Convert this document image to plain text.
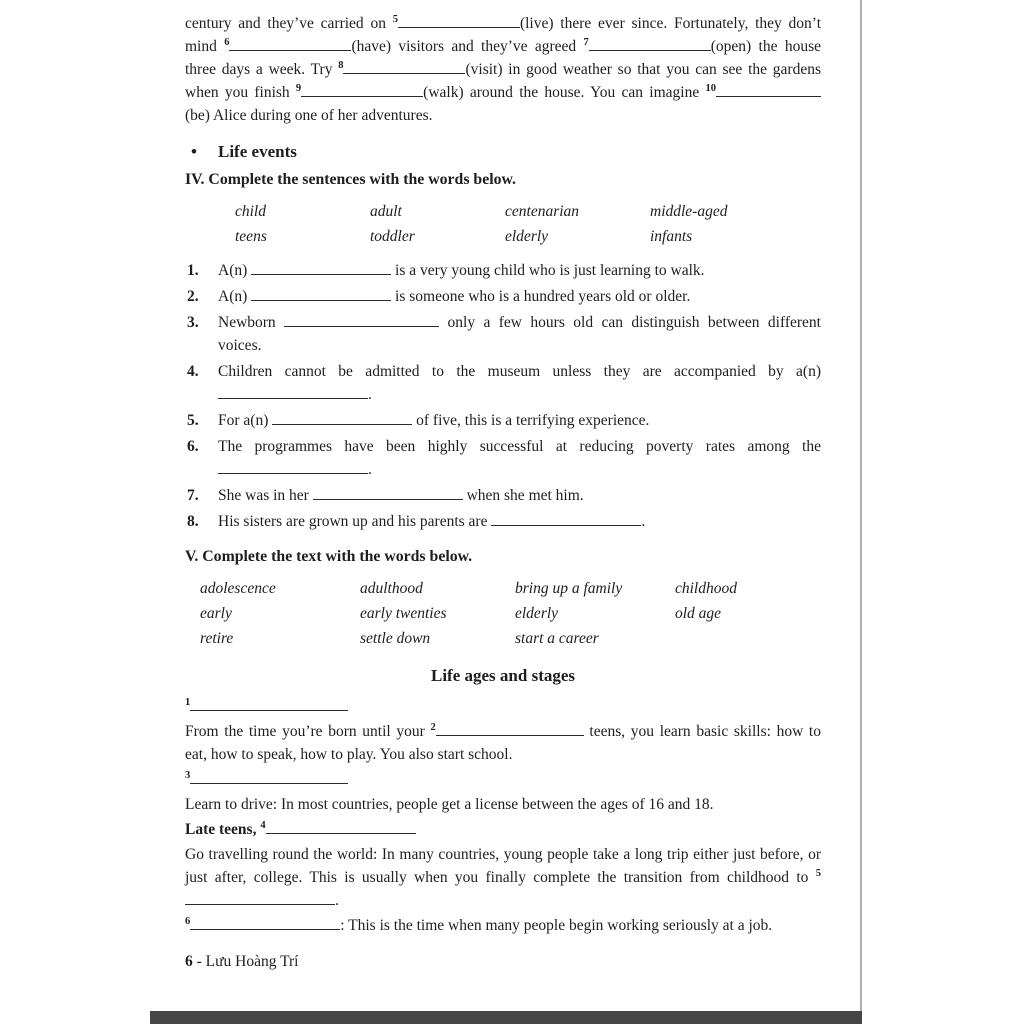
century and they’ve carried on $^5$	(live) there ever since. Fortunately, they don’t mind $^6$	(have) visitors and they’ve agreed $^7$	(open) the house three days a week. Try $^8$	(visit) in good weather so that you can see the gardens when you finish $^9$	(walk) around the house. You can imagine $^{10}$(be) Alice during one of her adventures.

•	Life events

IV. Complete the sentences with the words below.

child	adult	centenarian	middle-aged
teens	toddler	elderly	infants
1.	A(n)	is a very young child who is just learning to walk.
2.	A(n)	is someone who is a hundred years old or older.
3.	Newborn	only a few hours old can distinguish between different voices.
4.	Children cannot be admitted to the museum unless they are accompanied by a(n) .
5.	For a(n)	of five, this is a terrifying experience.
6.	The programmes have been highly successful at reducing poverty rates among the .
7.	She was in her	when she met him.
8.	His sisters are grown up and his parents are	.

V. Complete the text with the words below.

adolescence	adulthood	bring up a family	childhood
early	early twenties	elderly	old age
retire	settle down	start a career
Life ages and stages

$^1$

From the time you’re born until your $^2$	teens, you learn basic skills: how to eat, how to speak, how to play. You also start school.

$^3$

Learn to drive: In most countries, people get a license between the ages of 16 and 18.

Late teens, $^4$

Go travelling round the world: In many countries, young people take a long trip either just before, or just after, college. This is usually when you finally complete the transition from childhood to $^5$.

$^6$	: This is the time when many people begin working seriously at a job.

6 - Lưu Hoàng Trí
